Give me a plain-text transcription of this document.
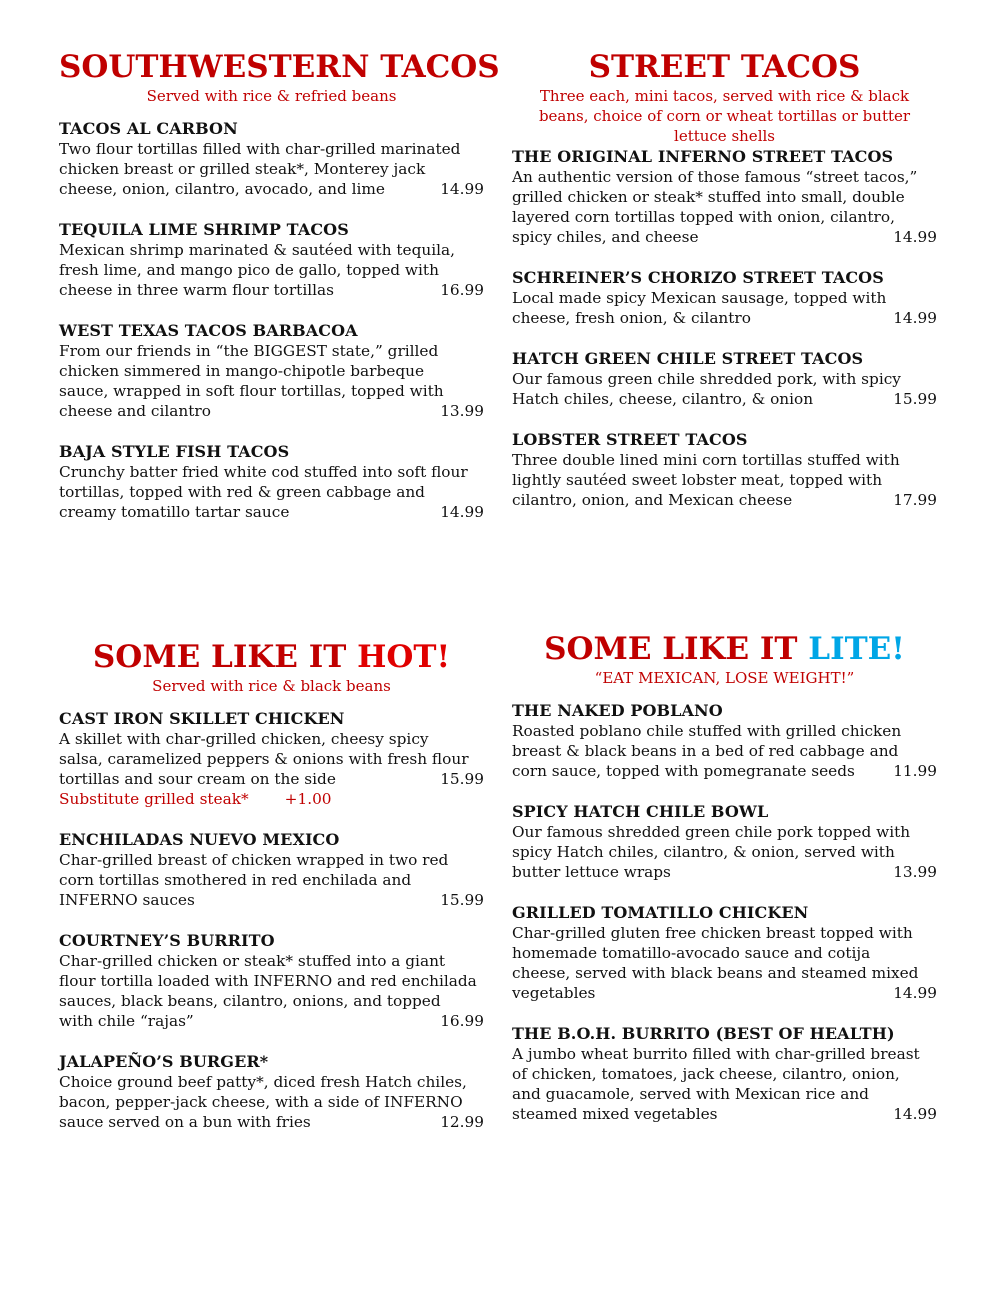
SOUTHWESTERN TACOS

Served with rice & refried beans

TACOS AL CARBON

Two flour tortillas filled with char-grilled marinated
chicken breast or grilled steak*, Monterey jack
14.99
cheese, onion, cilantro, avocado, and lime

TEQUILA LIME SHRIMP TACOS

Mexican shrimp marinated & sautéed with tequila,
fresh lime, and mango pico de gallo, topped with
16.99
cheese in three warm flour tortillas

WEST TEXAS TACOS BARBACOA

From our friends in “the BIGGEST state,” grilled
chicken simmered in mango-chipotle barbeque
sauce, wrapped in soft flour tortillas, topped with
13.99
cheese and cilantro

BAJA STYLE FISH TACOS

Crunchy batter fried white cod stuffed into soft flour
tortillas, topped with red & green cabbage and
14.99
creamy tomatillo tartar sauce
STREET TACOS

Three each, mini tacos, served with rice & black
beans, choice of corn or wheat tortillas or butter
lettuce shells

THE ORIGINAL INFERNO STREET TACOS

An authentic version of those famous “street tacos,”
grilled chicken or steak* stuffed into small, double
layered corn tortillas topped with onion, cilantro,
14.99
spicy chiles, and cheese

SCHREINER’S CHORIZO STREET TACOS

Local made spicy Mexican sausage, topped with
14.99
cheese, fresh onion, & cilantro

HATCH GREEN CHILE STREET TACOS

Our famous green chile shredded pork, with spicy
15.99
Hatch chiles, cheese, cilantro, & onion

LOBSTER STREET TACOS

Three double lined mini corn tortillas stuffed with
lightly sautéed sweet lobster meat, topped with
17.99
cilantro, onion, and Mexican cheese
SOME LIKE IT HOT!

Served with rice & black beans

CAST IRON SKILLET CHICKEN

A skillet with char-grilled chicken, cheesy spicy
salsa, caramelized peppers & onions with fresh flour
15.99
tortillas and sour cream on the side

Substitute grilled steak* +1.00

ENCHILADAS NUEVO MEXICO

Char-grilled breast of chicken wrapped in two red
corn tortillas smothered in red enchilada and
15.99
INFERNO sauces

COURTNEY’S BURRITO

Char-grilled chicken or steak* stuffed into a giant
flour tortilla loaded with INFERNO and red enchilada
sauces, black beans, cilantro, onions, and topped
16.99
with chile “rajas”

JALAPEÑO’S BURGER*

Choice ground beef patty*, diced fresh Hatch chiles,
bacon, pepper-jack cheese, with a side of INFERNO
12.99
sauce served on a bun with fries
SOME LIKE IT LITE!

“EAT MEXICAN, LOSE WEIGHT!”

THE NAKED POBLANO

Roasted poblano chile stuffed with grilled chicken
breast & black beans in a bed of red cabbage and
11.99
corn sauce, topped with pomegranate seeds

SPICY HATCH CHILE BOWL

Our famous shredded green chile pork topped with
spicy Hatch chiles, cilantro, & onion, served with
13.99
butter lettuce wraps

GRILLED TOMATILLO CHICKEN

Char-grilled gluten free chicken breast topped with
homemade tomatillo-avocado sauce and cotija
cheese, served with black beans and steamed mixed
14.99
vegetables

THE B.O.H. BURRITO (BEST OF HEALTH)

A jumbo wheat burrito filled with char-grilled breast
of chicken, tomatoes, jack cheese, cilantro, onion,
and guacamole, served with Mexican rice and
14.99
steamed mixed vegetables
